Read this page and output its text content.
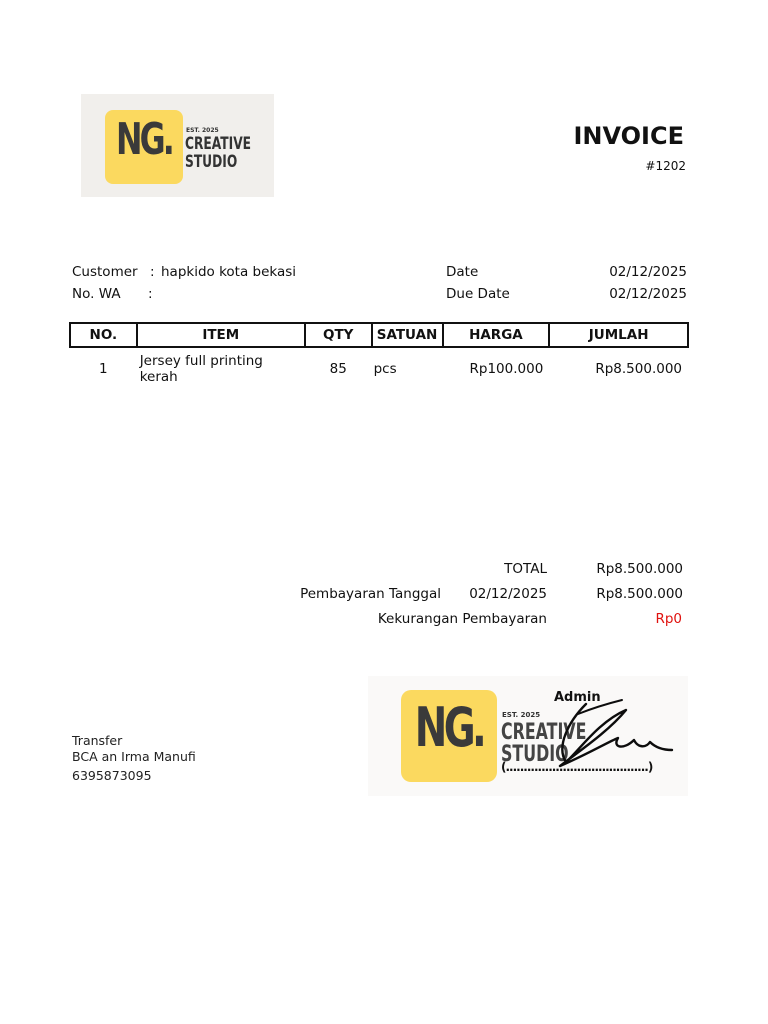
NG. EST. 2025
CREATIVE
STUDIO
INVOICE
#1202
Customer : hapkido kota bekasi
No. WA :
Date	02/12/2025
Due Date	02/12/2025
NO.	ITEM	QTY	SATUAN	HARGA	JUMLAH
1	Jersey full printing kerah	85	pcs	Rp100.000	Rp8.500.000
TOTAL	Rp8.500.000
Pembayaran Tanggal 02/12/2025	Rp8.500.000
Kekurangan Pembayaran	Rp0
Transfer
BCA an Irma Manufi
6395873095
NG.	EST. 2025
CREATIVE
STUDIO
Admin
(........................................)
